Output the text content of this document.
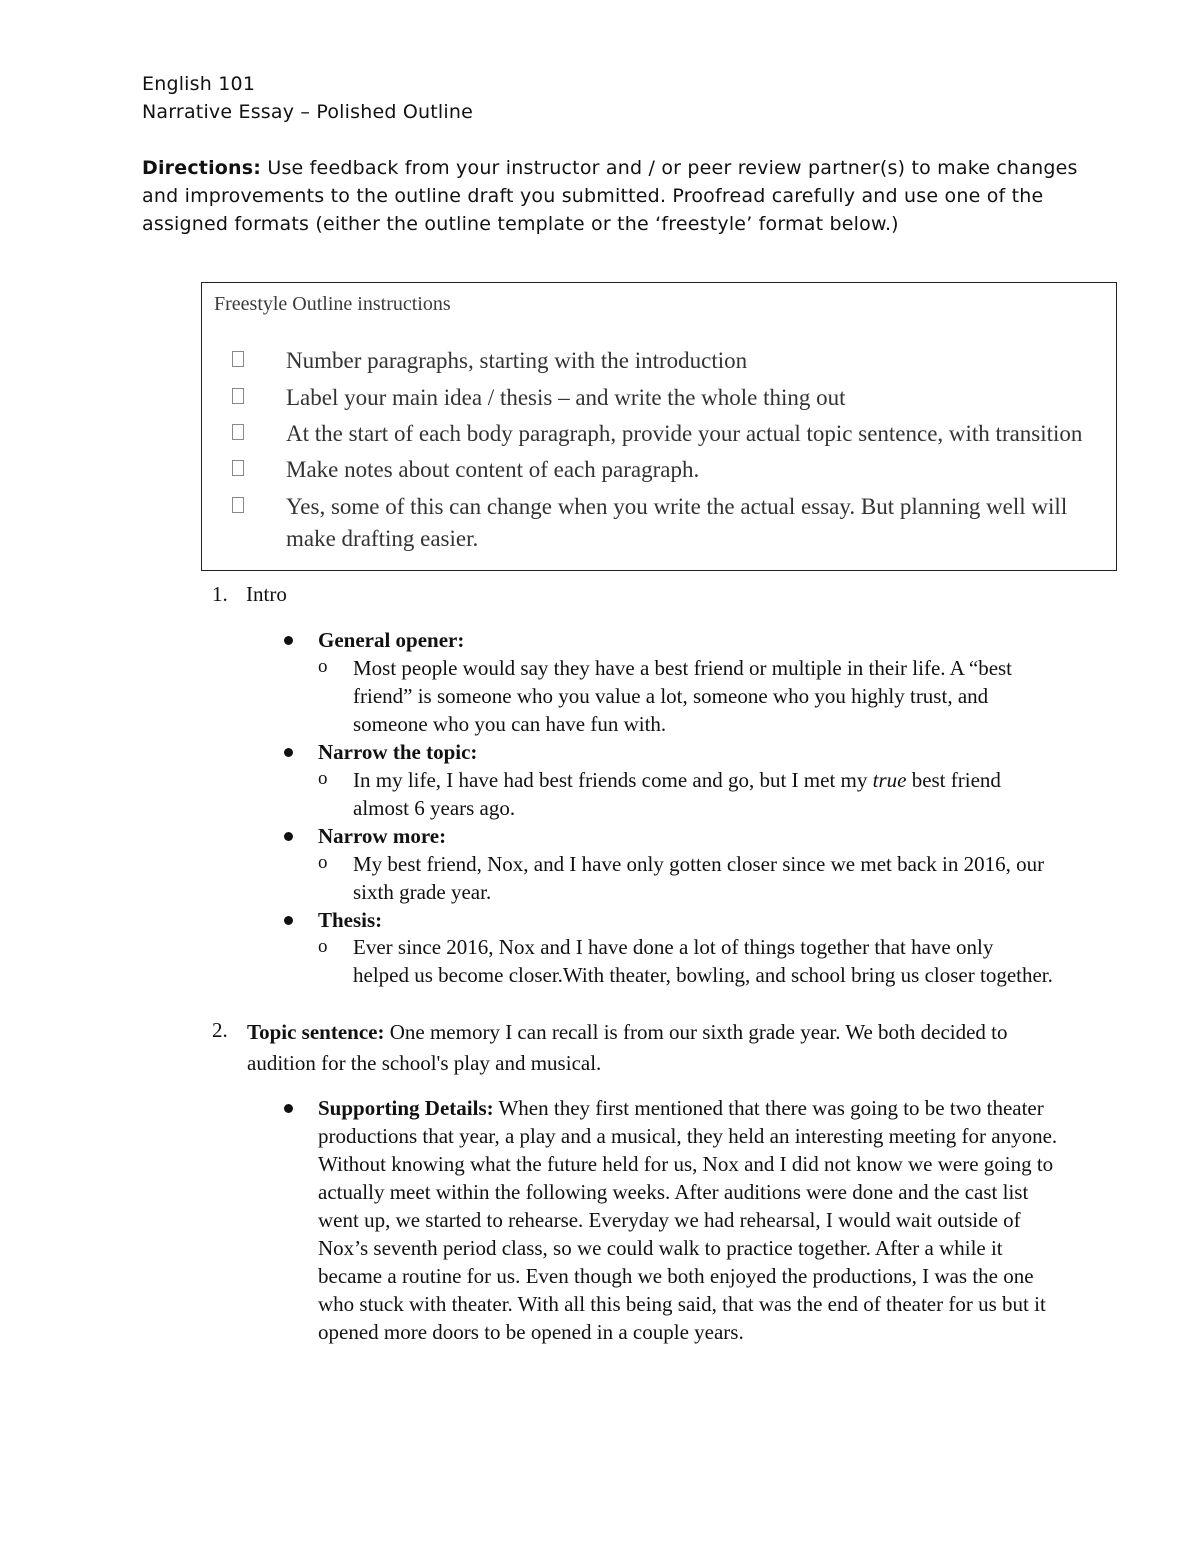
English 101
Narrative Essay – Polished Outline
Directions: Use feedback from your instructor and / or peer review partner(s) to make changes and improvements to the outline draft you submitted. Proofread carefully and use one of the assigned formats (either the outline template or the ‘freestyle’ format below.)
Freestyle Outline instructions
Number paragraphs, starting with the introduction
Label your main idea / thesis – and write the whole thing out
At the start of each body paragraph, provide your actual topic sentence, with transition
Make notes about content of each paragraph.
Yes, some of this can change when you write the actual essay. But planning well will make drafting easier.
1. Intro
General opener:
o Most people would say they have a best friend or multiple in their life. A “best friend” is someone who you value a lot, someone who you highly trust, and someone who you can have fun with.
Narrow the topic:
o In my life, I have had best friends come and go, but I met my true best friend almost 6 years ago.
Narrow more:
o My best friend, Nox, and I have only gotten closer since we met back in 2016, our sixth grade year.
Thesis:
o Ever since 2016, Nox and I have done a lot of things together that have only helped us become closer.With theater, bowling, and school bring us closer together.
2. Topic sentence: One memory I can recall is from our sixth grade year. We both decided to audition for the school's play and musical.
Supporting Details: When they first mentioned that there was going to be two theater productions that year, a play and a musical, they held an interesting meeting for anyone. Without knowing what the future held for us, Nox and I did not know we were going to actually meet within the following weeks. After auditions were done and the cast list went up, we started to rehearse. Everyday we had rehearsal, I would wait outside of Nox’s seventh period class, so we could walk to practice together. After a while it became a routine for us. Even though we both enjoyed the productions, I was the one who stuck with theater. With all this being said, that was the end of theater for us but it opened more doors to be opened in a couple years.
